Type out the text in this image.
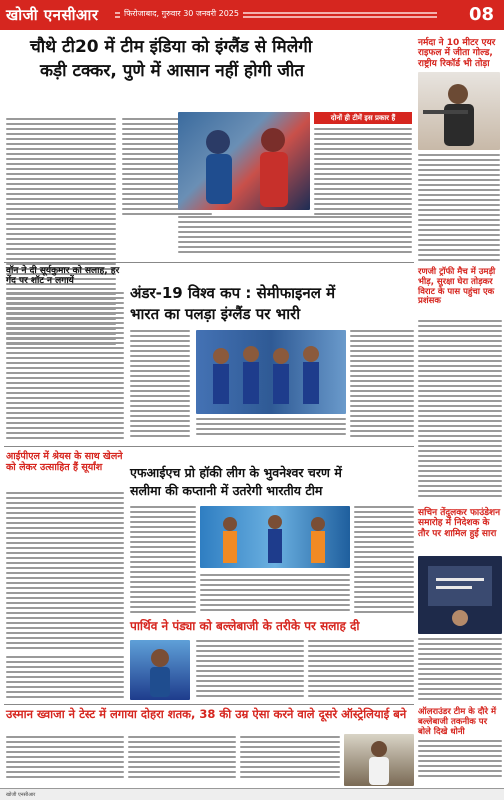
खोजी एनसीआर	फिरोजाबाद, गुरुवार 30 जनवरी 2025	08
चौथे टी20 में टीम इंडिया को इंग्लैंड से मिलेगी
कड़ी टक्कर, पुणे में आसान नहीं होगी जीत
दोनों ही टीमें इस प्रकार हैं
नर्मदा ने 10 मीटर एयर राइफल में जीता गोल्ड, राष्ट्रीय रिकॉर्ड भी तोड़ा
वॉन ने दी सूर्यकुमार को सलाह, हर गेंद पर शॉट न लगायें
अंडर-19 विश्व कप : सेमीफाइनल में
भारत का पलड़ा इंग्लैंड पर भारी
रणजी ट्रॉफी मैच में उमड़ी भीड़, सुरक्षा घेरा तोड़कर विराट के पास पहुंचा एक प्रशंसक
आईपीएल में श्रेयस के साथ खेलने को लेकर उत्साहित हैं सूर्यांश	एफआईएच प्रो हॉकी लीग के भुवनेश्वर चरण में
सलीमा की कप्तानी में उतरेगी भारतीय टीम
सचिन तेंदुलकर फाउंडेशन समारोह में निदेशक के तौर पर शामिल हुई सारा
पार्थिव ने पंड्या को बल्लेबाजी के तरीके पर सलाह दी
ऑलराउंडर टीम के दौरे में बल्लेबाजी तकनीक पर बोले दिखे धोनी
उस्मान ख्वाजा ने टेस्ट में लगाया दोहरा शतक, 38 की उम्र ऐसा करने वाले दूसरे ऑस्ट्रेलियाई बने
खोजी एनसीआर
